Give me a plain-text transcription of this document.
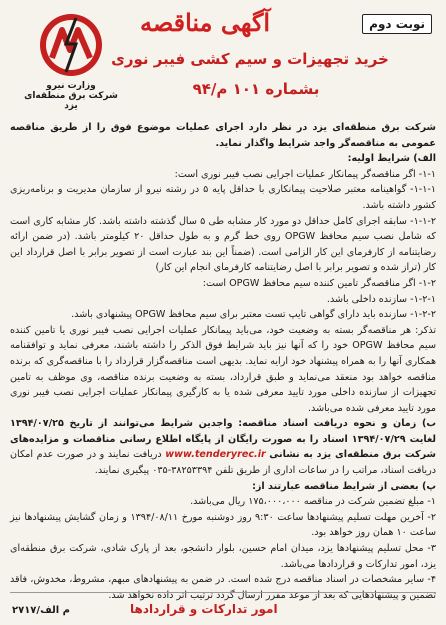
نوبت دوم
آگهی مناقصه
خرید تجهیزات و سیم کشی فیبر نوری
بشماره ۱۰۱ م/۹۴
وزارت نیرو
شرکت برق منطقه‌ای یزد

شرکت برق منطقه‌ای یزد در نظر دارد اجرای عملیات موضوع فوق را از طریق مناقصه عمومی به مناقصه‌گر واجد شرایط واگذار نماید.

الف) شرایط اولیه:

۱-۱- اگر مناقصه‌گر پیمانکار عملیات اجرایی نصب فیبر نوری است:

۱-۱-۱- گواهینامه معتبر صلاحیت پیمانکاری با حداقل پایه ۵ در رشته نیرو از سازمان مدیریت و برنامه‌ریزی کشور داشته باشد.

۱-۱-۲- سابقه اجرای کامل حداقل دو مورد کار مشابه طی ۵ سال گذشته داشته باشد. کار مشابه کاری است که شامل نصب سیم محافظ OPGW روی خط گرم و به طول حداقل ۲۰ کیلومتر باشد. (در ضمن ارائه رضایتنامه از کارفرمای این کار الزامی است. (ضمناً این بند عبارت است از تصویر برابر با اصل قرارداد این کار (تراز شده و تصویر برابر با اصل رضایتنامه کارفرمای انجام این کار)

۱-۲- اگر مناقصه‌گر تامین کننده سیم محافظ OPGW است:

۱-۲-۱- سازنده داخلی باشد.

۱-۲-۲- سازنده باید دارای گواهی تایپ تست معتبر برای سیم محافظ OPGW پیشنهادی باشد.

تذکر: هر مناقصه‌گر بسته به وضعیت خود، می‌باید پیمانکار عملیات اجرایی نصب فیبر نوری یا تامین کننده سیم محافظ OPGW خود را که آنها نیز باید شرایط فوق الذکر را داشته باشند، معرفی نماید و توافقنامه همکاری آنها را به همراه پیشنهاد خود ارایه نماید. بدیهی است مناقصه‌گزار قرارداد را با مناقصه‌گری که برنده مناقصه خواهد بود منعقد می‌نماید و طبق قرارداد، بسته به وضعیت برنده مناقصه، وی موظف به تامین تجهیزات از سازنده داخلی مورد تایید معرفی شده یا به کارگیری پیمانکار عملیات اجرایی نصب فیبر نوری مورد تایید معرفی شده می‌باشد.

ب) زمان و نحوه دریافت اسناد مناقصه: واجدین شرایط می‌توانند از تاریخ ۱۳۹۴/۰۷/۲۵ لغایت ۱۳۹۴/۰۷/۲۹ اسناد را به صورت رایگان از پایگاه اطلاع رسانی مناقصات و مزایده‌های شرکت برق منطقه‌ای یزد به نشانی www.tenderyrec.ir دریافت نمایند و در صورت عدم امکان دریافت اسناد، مراتب را در ساعات اداری از طریق تلفن ۳۸۲۵۳۳۹۴-۰۳۵ پیگیری نمایند.

پ) بعضی از شرایط مناقصه عبارتند از:

۱- مبلغ تضمین شرکت در مناقصه ۱۷۵،۰۰۰،۰۰۰ ریال می‌باشد.

۲- آخرین مهلت تسلیم پیشنهادها ساعت ۹:۳۰ روز دوشنبه مورخ ۱۳۹۴/۰۸/۱۱ و زمان گشایش پیشنهادها نیز ساعت ۱۰ همان روز خواهد بود.

۳- محل تسلیم پیشنهادها یزد، میدان امام حسین، بلوار دانشجو، بعد از پارک شادی، شرکت برق منطقه‌ای یزد، امور تدارکات و قراردادها می‌باشد.

۴- سایر مشخصات در اسناد مناقصه درج شده است. در ضمن به پیشنهادهای مبهم، مشروط، مخدوش، فاقد تضمین و پیشنهادهایی که بعد از موعد مقرر ارسال گردد ترتیب اثر داده نخواهد شد.

امور تدارکات و قراردادها
م الف/۲۷۱۷
